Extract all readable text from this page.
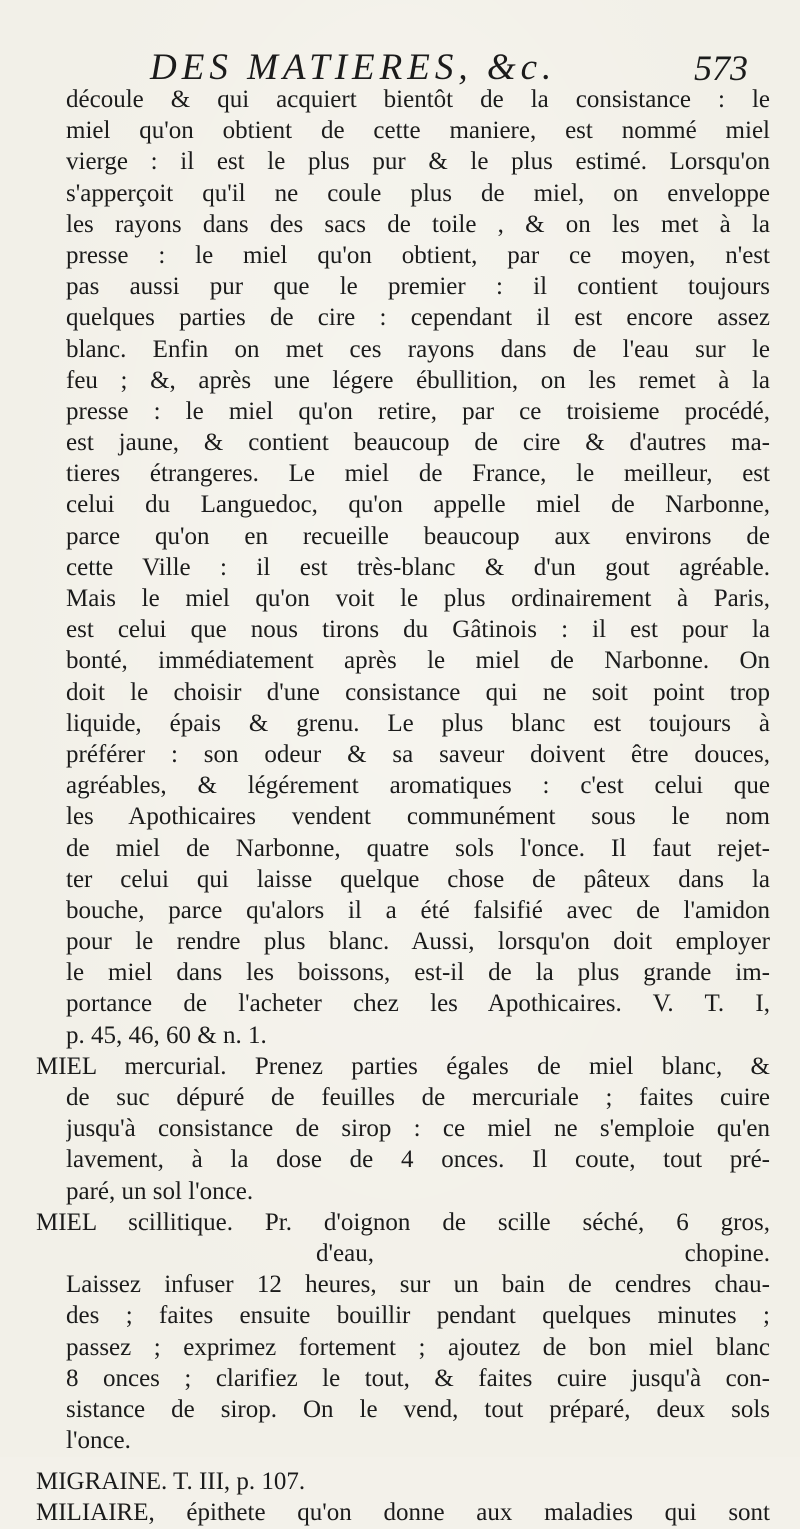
DES MATIERES, &c.	573
découle & qui acquiert bientôt de la consistance : le
miel qu'on obtient de cette maniere, est nommé miel
vierge : il est le plus pur & le plus estimé. Lorsqu'on
s'apperçoit qu'il ne coule plus de miel, on enveloppe
les rayons dans des sacs de toile , & on les met à la
presse : le miel qu'on obtient, par ce moyen, n'est
pas aussi pur que le premier : il contient toujours
quelques parties de cire : cependant il est encore assez
blanc. Enfin on met ces rayons dans de l'eau sur le
feu ; &, après une légere ébullition, on les remet à la
presse : le miel qu'on retire, par ce troisieme procédé,
est jaune, & contient beaucoup de cire & d'autres ma-
tieres étrangeres. Le miel de France, le meilleur, est
celui du Languedoc, qu'on appelle miel de Narbonne,
parce qu'on en recueille beaucoup aux environs de
cette Ville : il est très-blanc & d'un gout agréable.
Mais le miel qu'on voit le plus ordinairement à Paris,
est celui que nous tirons du Gâtinois : il est pour la
bonté, immédiatement après le miel de Narbonne. On
doit le choisir d'une consistance qui ne soit point trop
liquide, épais & grenu. Le plus blanc est toujours à
préférer : son odeur & sa saveur doivent être douces,
agréables, & légérement aromatiques : c'est celui que
les Apothicaires vendent communément sous le nom
de miel de Narbonne, quatre sols l'once. Il faut rejet-
ter celui qui laisse quelque chose de pâteux dans la
bouche, parce qu'alors il a été falsifié avec de l'amidon
pour le rendre plus blanc. Aussi, lorsqu'on doit employer
le miel dans les boissons, est-il de la plus grande im-
portance de l'acheter chez les Apothicaires. V. T. I,
p. 45, 46, 60 & n. 1.
MIEL mercurial. Prenez parties égales de miel blanc, &
de suc dépuré de feuilles de mercuriale ; faites cuire
jusqu'à consistance de sirop : ce miel ne s'emploie qu'en
lavement, à la dose de 4 onces. Il coute, tout pré-
paré, un sol l'once.
MIEL scillitique. Pr. d'oignon de scille séché, 6 gros,
d'eau, chopine.
Laissez infuser 12 heures, sur un bain de cendres chau-
des ; faites ensuite bouillir pendant quelques minutes ;
passez ; exprimez fortement ; ajoutez de bon miel blanc
8 onces ; clarifiez le tout, & faites cuire jusqu'à con-
sistance de sirop. On le vend, tout préparé, deux sols
l'once.
MIGRAINE. T. III, p. 107.
MILIAIRE, épithete qu'on donne aux maladies qui sont
